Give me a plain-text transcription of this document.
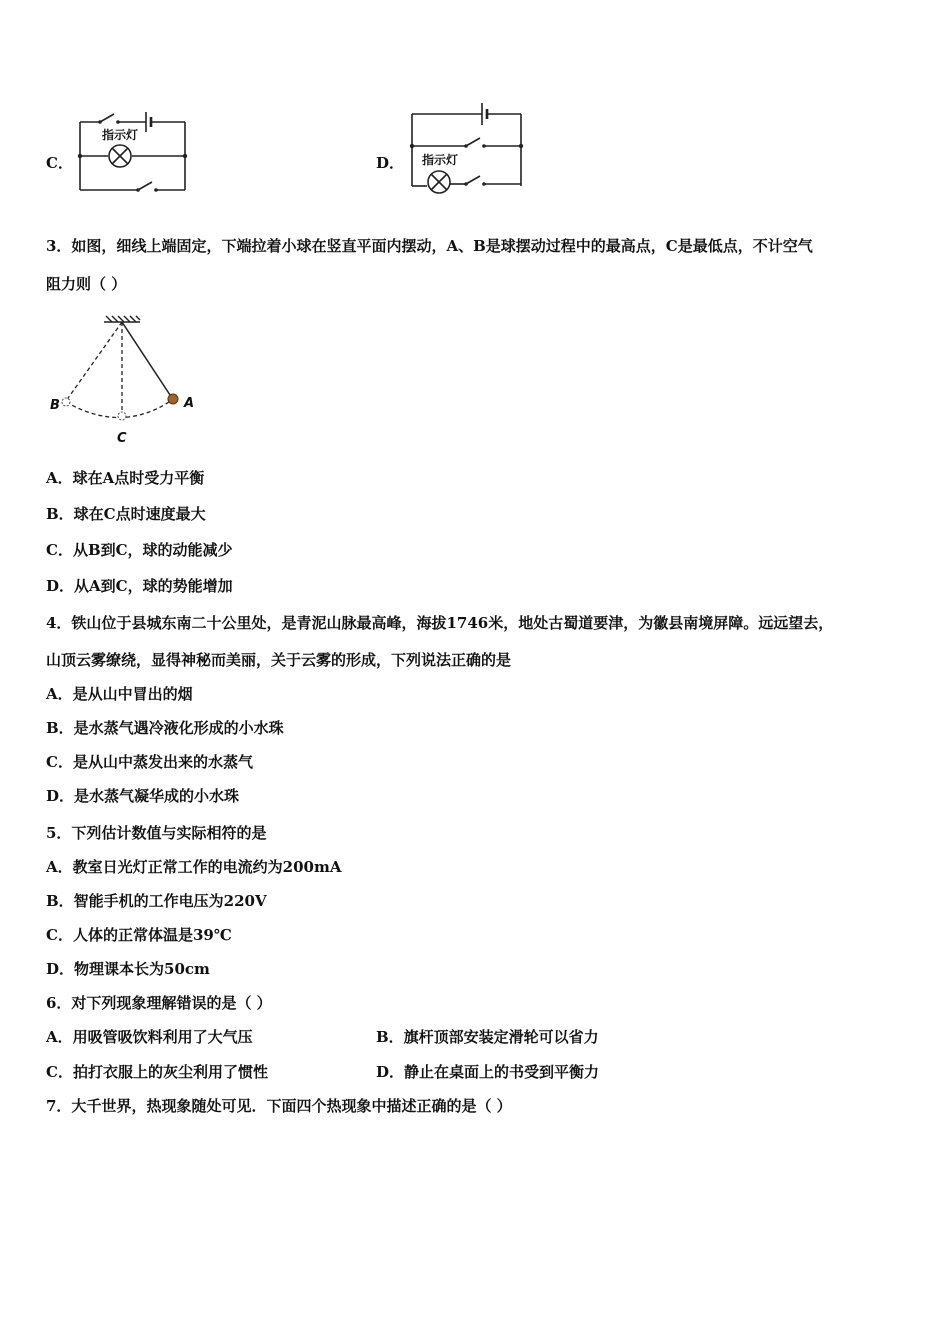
C．
指示灯
D． 指示灯
3．如图，细线上端固定，下端拉着小球在竖直平面内摆动，A、B是球摆动过程中的最高点，C是最低点，不计空气
阻力则（ ）
A
B
C
A．球在A点时受力平衡
B．球在C点时速度最大
C．从B到C，球的动能减少
D．从A到C，球的势能增加
4．铁山位于县城东南二十公里处，是青泥山脉最高峰，海拔1746米，地处古蜀道要津，为徽县南境屏障。远远望去，
山顶云雾缭绕，显得神秘而美丽，关于云雾的形成，下列说法正确的是
A．是从山中冒出的烟
B．是水蒸气遇冷液化形成的小水珠
C．是从山中蒸发出来的水蒸气
D．是水蒸气凝华成的小水珠
5．下列估计数值与实际相符的是
A．教室日光灯正常工作的电流约为200mA
B．智能手机的工作电压为220V
C．人体的正常体温是39℃
D．物理课本长为50cm
6．对下列现象理解错误的是（ ）
A．用吸管吸饮料利用了大气压	B．旗杆顶部安装定滑轮可以省力
C．拍打衣服上的灰尘利用了惯性	D．静止在桌面上的书受到平衡力
7．大千世界，热现象随处可见．下面四个热现象中描述正确的是（ ）
